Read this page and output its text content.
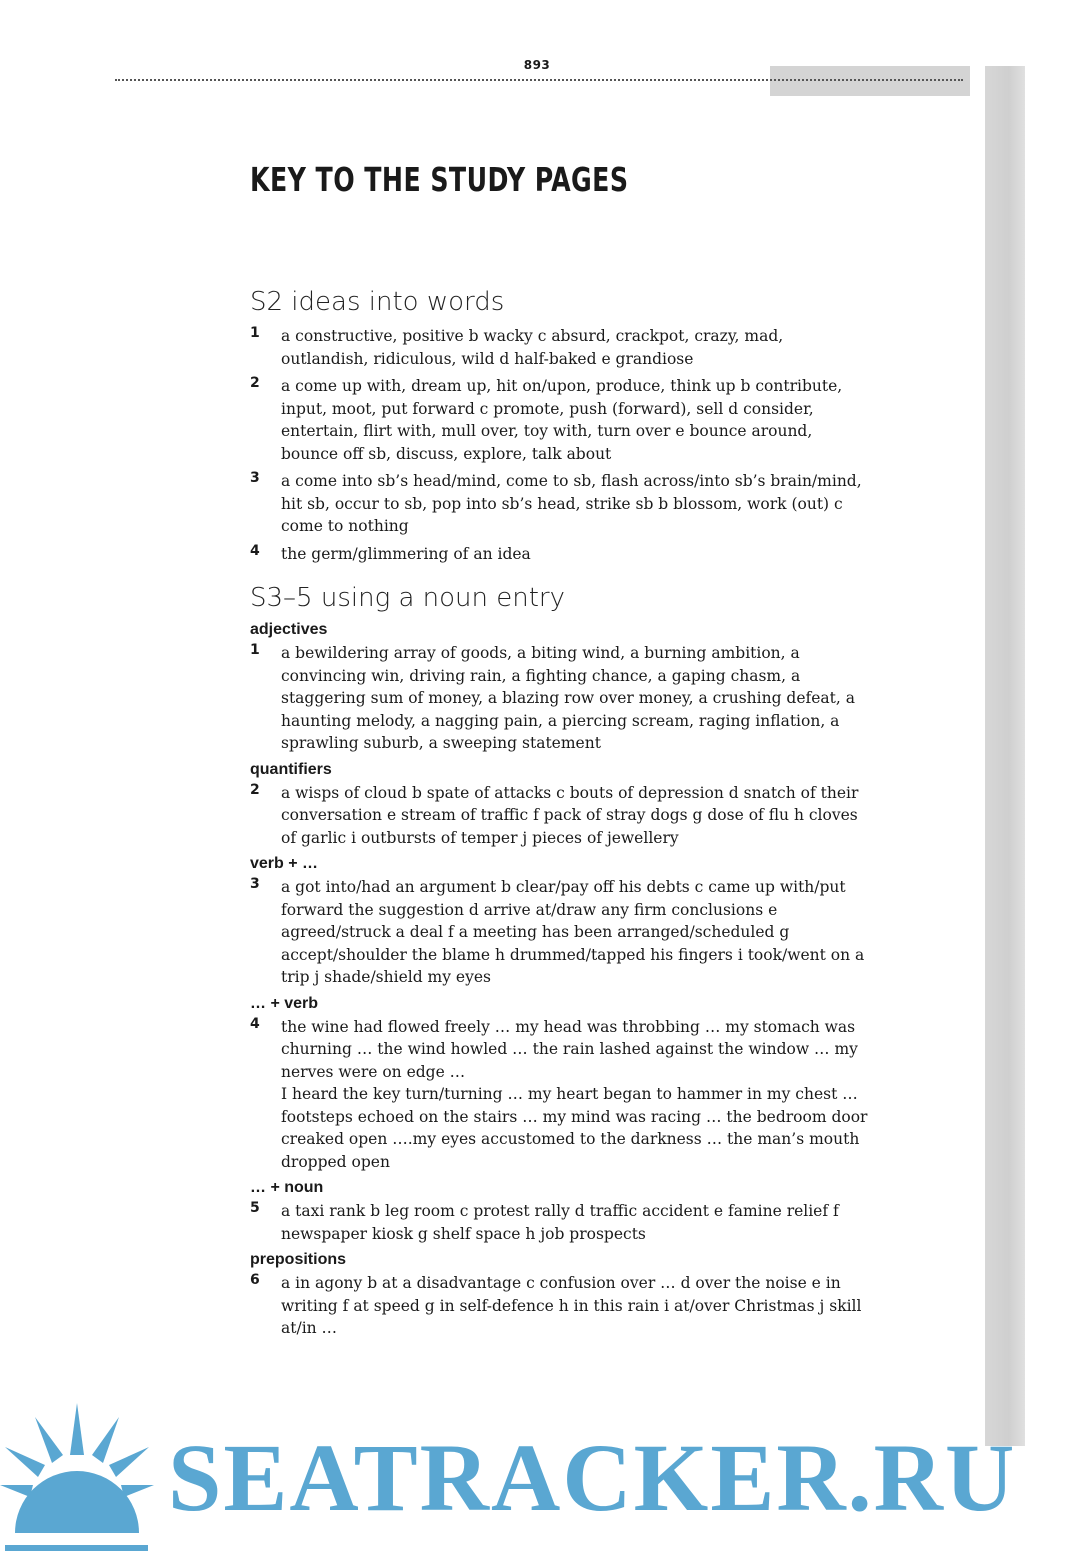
893
KEY TO THE STUDY PAGES
S2 ideas into words
1	a constructive, positive b wacky c absurd, crackpot, crazy, mad, outlandish, ridiculous, wild d half-baked e grandiose
2	a come up with, dream up, hit on/upon, produce, think up b contribute, input, moot, put forward c promote, push (forward), sell d consider, entertain, flirt with, mull over, toy with, turn over e bounce around, bounce off sb, discuss, explore, talk about
3	a come into sb’s head/mind, come to sb, flash across/into sb’s brain/mind, hit sb, occur to sb, pop into sb’s head, strike sb b blossom, work (out) c come to nothing
4	the germ/glimmering of an idea
S3–5 using a noun entry
adjectives
1	a bewildering array of goods, a biting wind, a burning ambition, a convincing win, driving rain, a fighting chance, a gaping chasm, a staggering sum of money, a blazing row over money, a crushing defeat, a haunting melody, a nagging pain, a piercing scream, raging inflation, a sprawling suburb, a sweeping statement
quantifiers
2	a wisps of cloud b spate of attacks c bouts of depression d snatch of their conversation e stream of traffic f pack of stray dogs g dose of flu h cloves of garlic i outbursts of temper j pieces of jewellery
verb + …
3	a got into/had an argument b clear/pay off his debts c came up with/put forward the suggestion d arrive at/draw any firm conclusions e agreed/struck a deal f a meeting has been arranged/scheduled g accept/shoulder the blame h drummed/tapped his fingers i took/went on a trip j shade/shield my eyes
… + verb
4	the wine had flowed freely … my head was throbbing … my stomach was churning … the wind howled … the rain lashed against the window … my nerves were on edge …
I heard the key turn/turning … my heart began to hammer in my chest … footsteps echoed on the stairs … my mind was racing … the bedroom door creaked open ….my eyes accustomed to the darkness … the man’s mouth dropped open
… + noun
5	a taxi rank b leg room c protest rally d traffic accident e famine relief f newspaper kiosk g shelf space h job prospects
prepositions
6	a in agony b at a disadvantage c confusion over … d over the noise e in writing f at speed g in self-defence h in this rain i at/over Christmas j skill at/in …
SEATRACKER.RU
